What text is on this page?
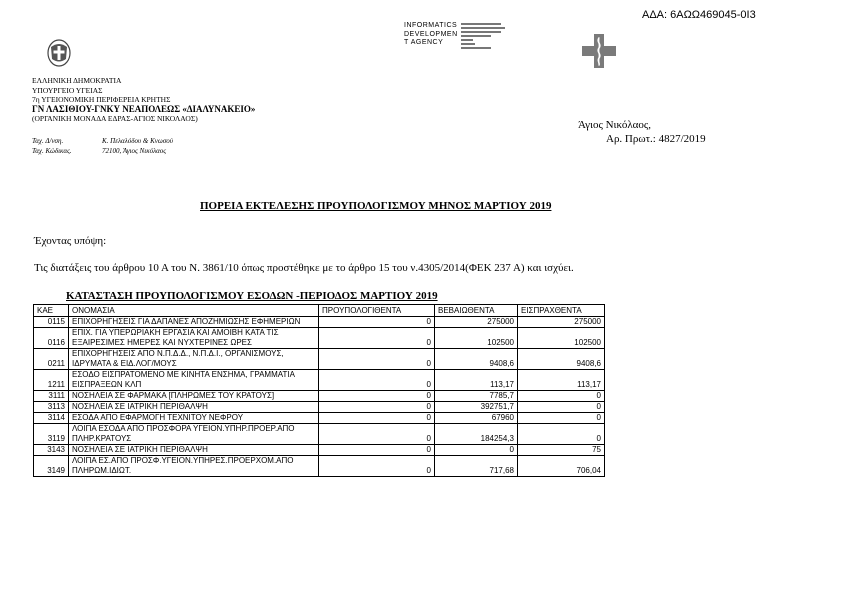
ΑΔΑ: 6ΑΩΩ469045-0Ι3
INFORMATICS
DEVELOPMEN
T AGENCY
ΕΛΛΗΝΙΚΗ ΔΗΜΟΚΡΑΤΙΑ
ΥΠΟΥΡΓΕΙΟ ΥΓΕΙΑΣ
7η ΥΓΕΙΟΝΟΜΙΚΗ ΠΕΡΙΦΕΡΕΙΑ ΚΡΗΤΗΣ
ΓΝ ΛΑΣΙΘΙΟΥ-ΓΝΚΥ ΝΕΑΠΟΛΕΩΣ «ΔΙΑΛΥΝΑΚΕΙΟ»
(ΟΡΓΑΝΙΚΗ ΜΟΝΑΔΑ ΕΔΡΑΣ-ΑΓΙΟΣ ΝΙΚΟΛΑΟΣ)
Ταχ. Δ/νση.	Κ. Πελαλόδου & Κνωσού
Ταχ. Κώδικας.	72100, Άγιος Νικόλαος
Άγιος Νικόλαος,
Αρ. Πρωτ.: 4827/2019
ΠΟΡΕΙΑ ΕΚΤΕΛΕΣΗΣ ΠΡΟΥΠΟΛΟΓΙΣΜΟΥ ΜΗΝΟΣ ΜΑΡΤΙΟΥ 2019
Έχοντας υπόψη:
Τις διατάξεις του άρθρου 10 Α του Ν. 3861/10 όπως προστέθηκε με το άρθρο 15 του ν.4305/2014(ΦΕΚ 237 Α) και ισχύει.
ΚΑΤΑΣΤΑΣΗ ΠΡΟΥΠΟΛΟΓΙΣΜΟΥ ΕΣΟΔΩΝ -ΠΕΡΙΟΔΟΣ ΜΑΡΤΙΟΥ 2019
ΚΑΕ	ΟΝΟΜΑΣΙΑ	ΠΡΟΥΠΟΛΟΓΙΘΕΝΤΑ	ΒΕΒΑΙΩΘΕΝΤΑ	ΕΙΣΠΡΑΧΘΕΝΤΑ
0115	ΕΠΙΧΟΡΗΓΗΣΕΙΣ ΓΙΑ ΔΑΠΑΝΕΣ ΑΠΟΖΗΜΙΩΣΗΣ ΕΦΗΜΕΡΙΩΝ	0	275000	275000
0116	ΕΠΙΧ. ΓΙΑ ΥΠΕΡΩΡΙΑΚΗ ΕΡΓΑΣΙΑ ΚΑΙ ΑΜΟΙΒΗ ΚΑΤΑ ΤΙΣ ΕΞΑΙΡΕΣΙΜΕΣ ΗΜΕΡΕΣ ΚΑΙ ΝΥΧΤΕΡΙΝΕΣ ΩΡΕΣ	0	102500	102500
0211	ΕΠΙΧΟΡΗΓΗΣΕΙΣ ΑΠΟ Ν.Π.Δ.Δ., Ν.Π.Δ.Ι., ΟΡΓΑΝΙΣΜΟΥΣ, ΙΔΡΥΜΑΤΑ & ΕΙΔ.ΛΟΓ/ΜΟΥΣ	0	9408,6	9408,6
1211	ΕΣΟΔΟ ΕΙΣΠΡΑΤΟΜΕΝΟ ΜΕ ΚΙΝΗΤΑ ΕΝΣΗΜΑ, ΓΡΑΜΜΑΤΙΑ ΕΙΣΠΡΑΞΕΩΝ ΚΛΠ	0	113,17	113,17
3111	ΝΟΣΗΛΕΙΑ ΣΕ ΦΑΡΜΑΚΑ [ΠΛΗΡΩΜΕΣ ΤΟΥ ΚΡΑΤΟΥΣ]	0	7785,7	0
3113	ΝΟΣΗΛΕΙΑ ΣΕ ΙΑΤΡΙΚΗ ΠΕΡΙΘΑΛΨΗ	0	392751,7	0
3114	ΕΣΟΔΑ ΑΠΟ ΕΦΑΡΜΟΓΗ ΤΕΧΝΙΤΟΥ ΝΕΦΡΟΥ	0	67960	0
3119	ΛΟΙΠΑ ΕΣΟΔΑ ΑΠΟ ΠΡΟΣΦΟΡΑ ΥΓΕΙΟΝ.ΥΠΗΡ.ΠΡΟΕΡ.ΑΠΟ ΠΛΗΡ.ΚΡΑΤΟΥΣ	0	184254,3	0
3143	ΝΟΣΗΛΕΙΑ ΣΕ ΙΑΤΡΙΚΗ ΠΕΡΙΘΑΛΨΗ	0	0	75
3149	ΛΟΙΠΑ ΕΣ.ΑΠΟ ΠΡΟΣΦ.ΥΓΕΙΟΝ.ΥΠΗΡΕΣ.ΠΡΟΕΡΧΟΜ.ΑΠΟ ΠΛΗΡΩΜ.ΙΔΙΩΤ.	0	717,68	706,04
